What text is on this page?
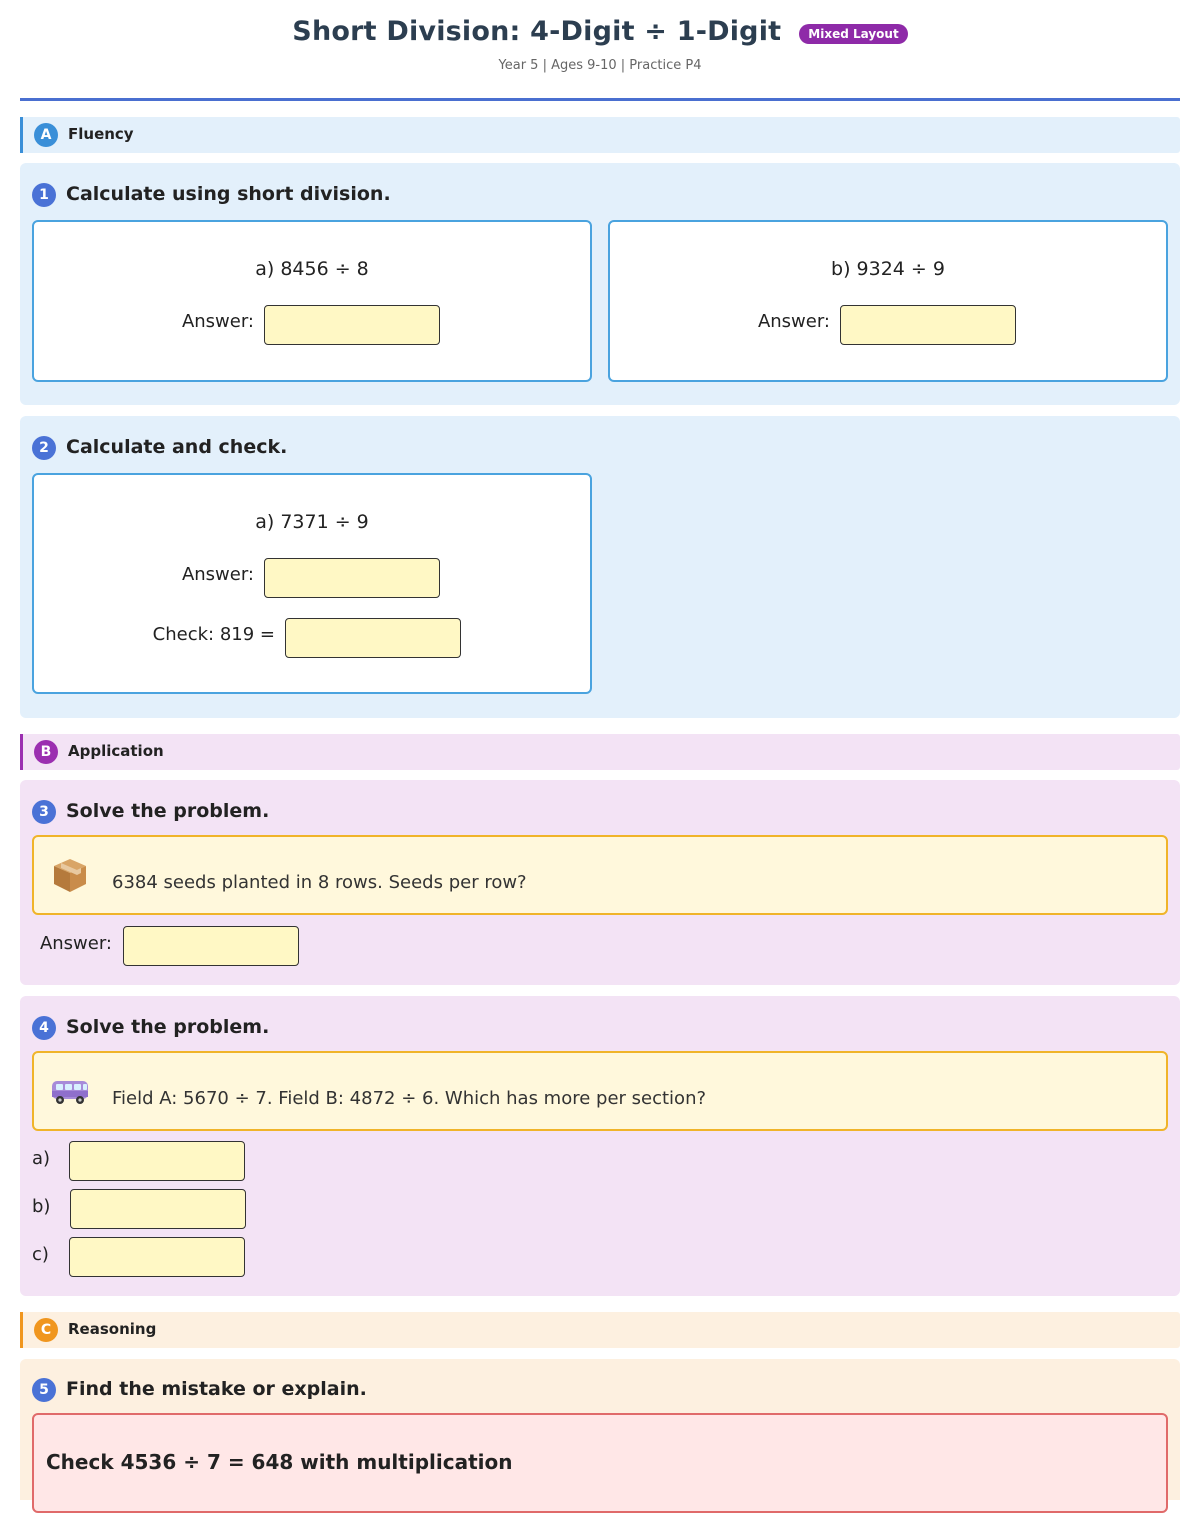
Short Division: 4-Digit ÷ 1-Digit Mixed Layout
Year 5 | Ages 9-10 | Practice P4
A	Fluency
1 Calculate using short division.
a) 8456 ÷ 8
Answer:
b) 9324 ÷ 9
Answer:
2 Calculate and check.
a) 7371 ÷ 9
Answer:
Check: 819 =
B	Application
3 Solve the problem.
6384 seeds planted in 8 rows. Seeds per row?
Answer:
4 Solve the problem.
Field A: 5670 ÷ 7. Field B: 4872 ÷ 6. Which has more per section?
a)
b)
c)
C	Reasoning
5 Find the mistake or explain.
Check 4536 ÷ 7 = 648 with multiplication
